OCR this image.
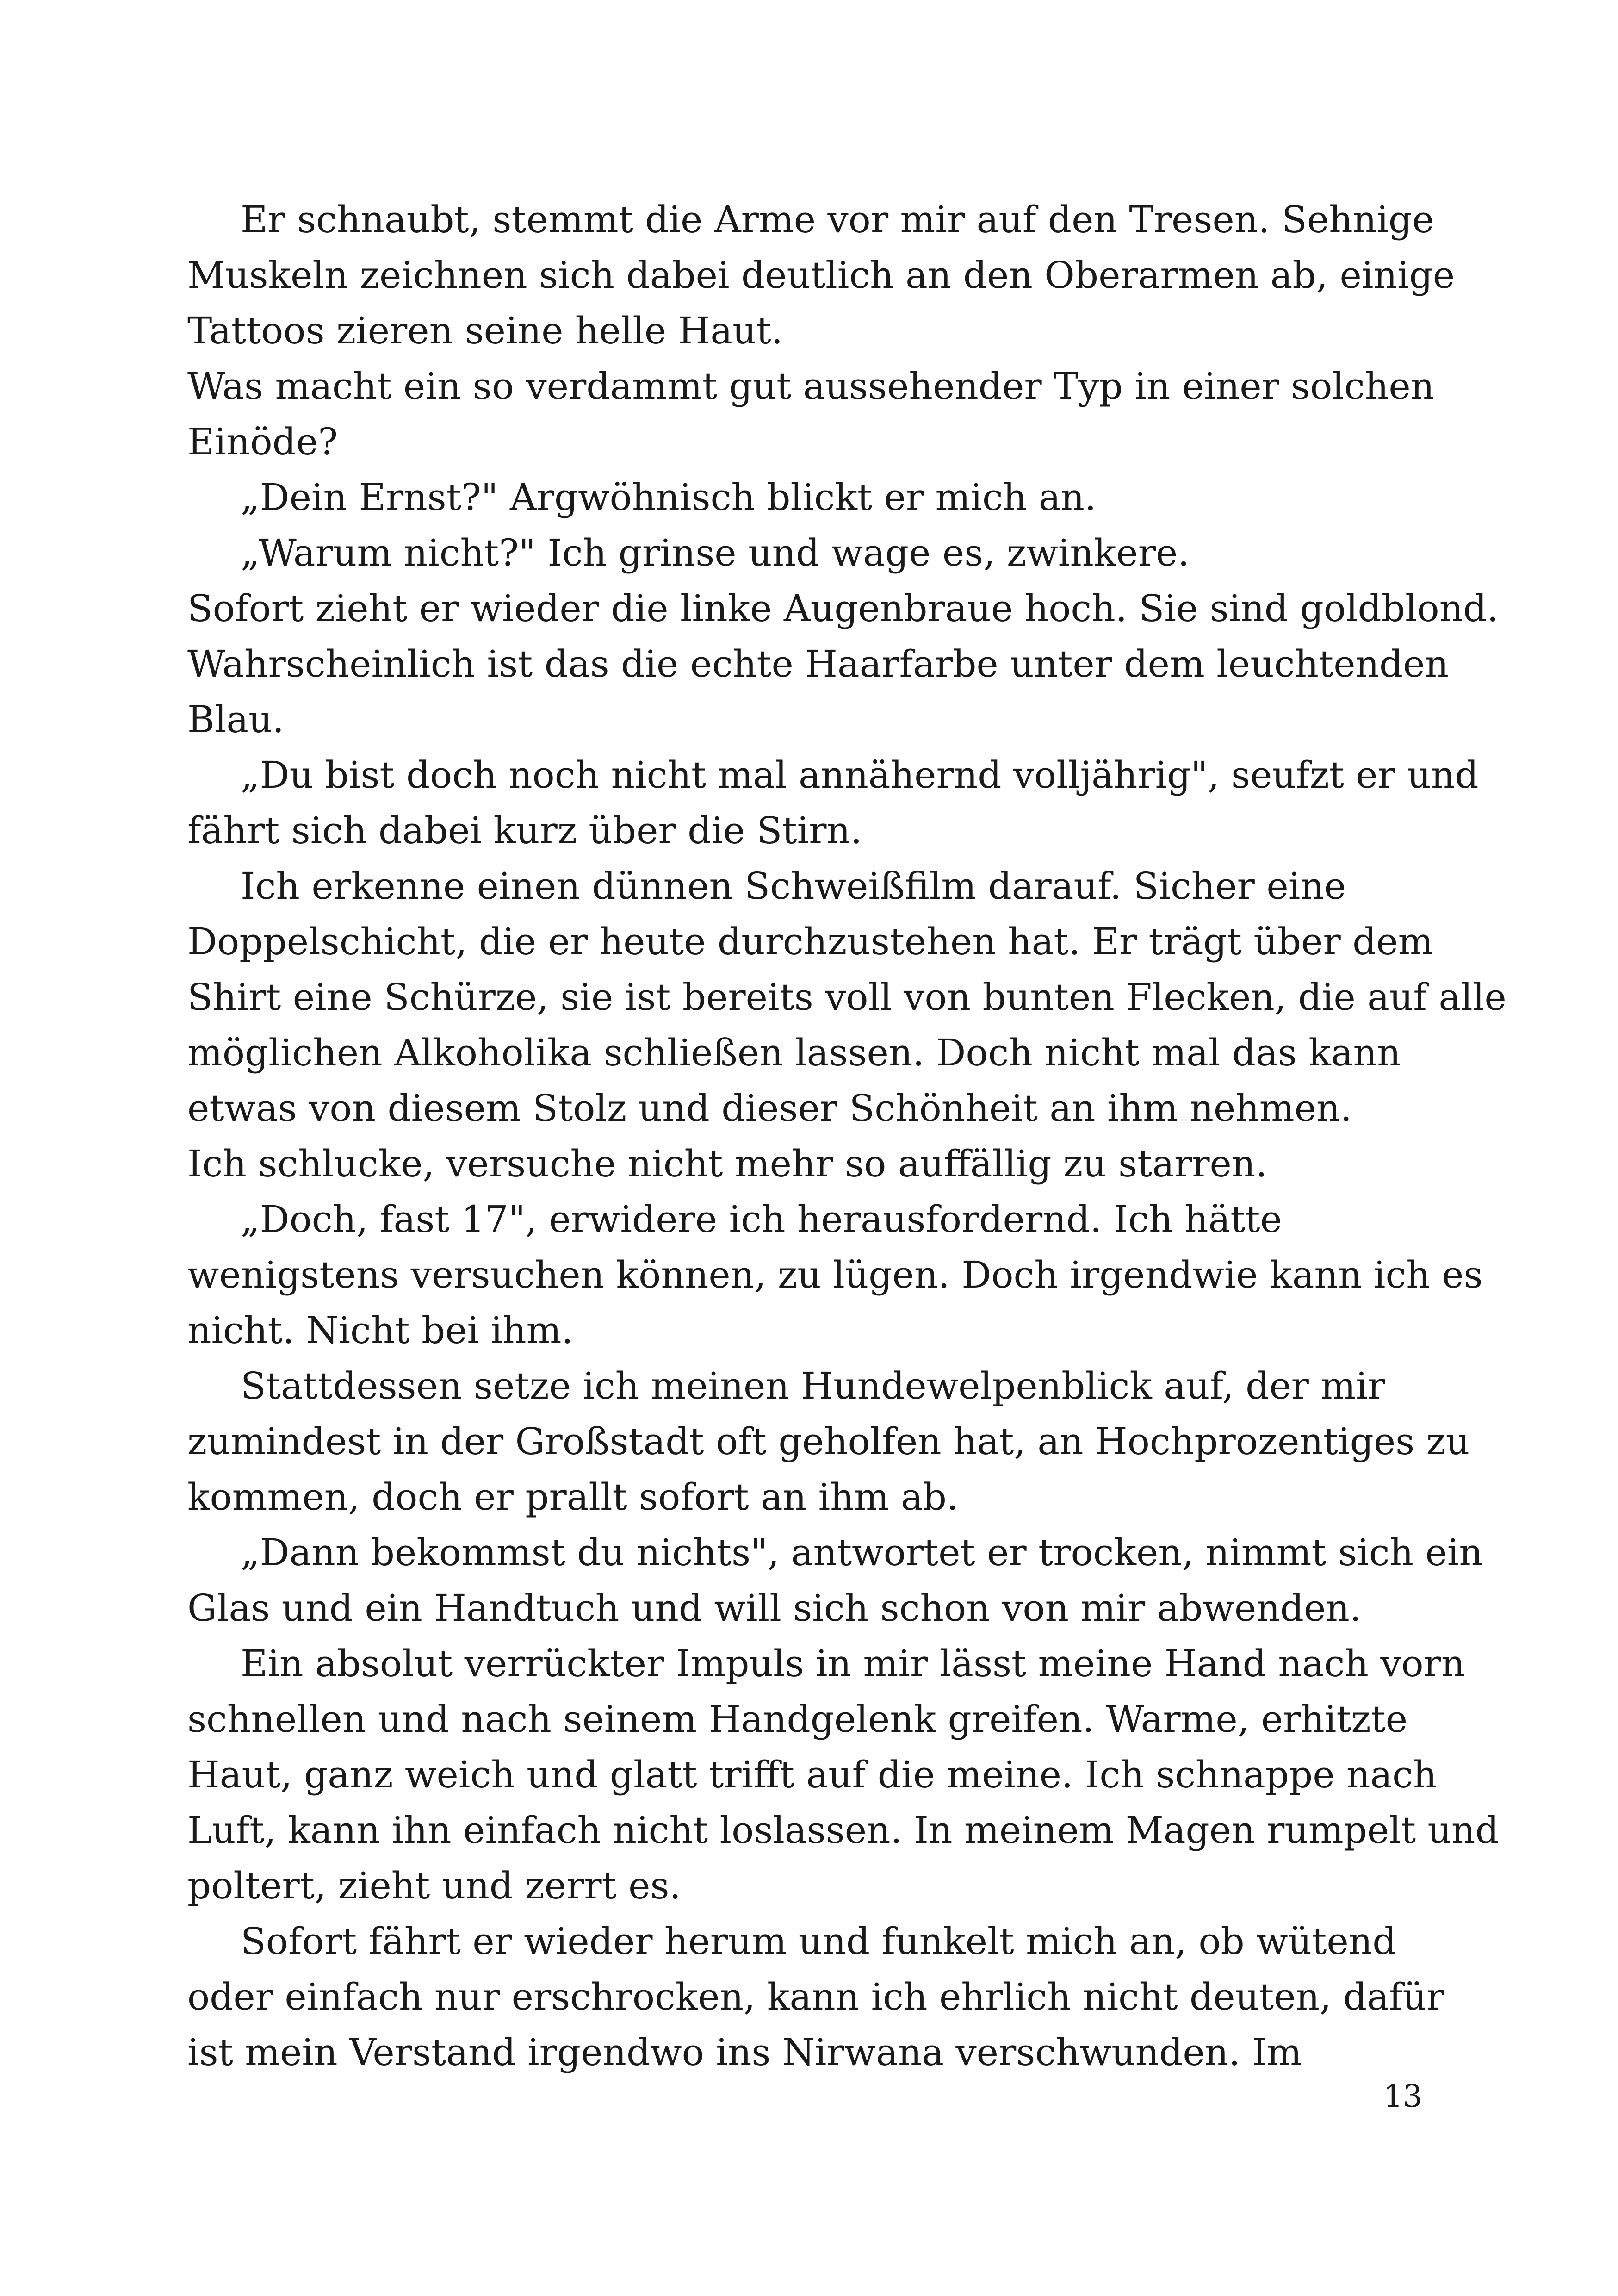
Er schnaubt, stemmt die Arme vor mir auf den Tresen. Sehnige
Muskeln zeichnen sich dabei deutlich an den Oberarmen ab, einige
Tattoos zieren seine helle Haut.
Was macht ein so verdammt gut aussehender Typ in einer solchen
Einöde?
„Dein Ernst?" Argwöhnisch blickt er mich an.
„Warum nicht?" Ich grinse und wage es, zwinkere.
Sofort zieht er wieder die linke Augenbraue hoch. Sie sind goldblond.
Wahrscheinlich ist das die echte Haarfarbe unter dem leuchtenden
Blau.
„Du bist doch noch nicht mal annähernd volljährig", seufzt er und
fährt sich dabei kurz über die Stirn.
Ich erkenne einen dünnen Schweißfilm darauf. Sicher eine
Doppelschicht, die er heute durchzustehen hat. Er trägt über dem
Shirt eine Schürze, sie ist bereits voll von bunten Flecken, die auf alle
möglichen Alkoholika schließen lassen. Doch nicht mal das kann
etwas von diesem Stolz und dieser Schönheit an ihm nehmen.
Ich schlucke, versuche nicht mehr so auffällig zu starren.
„Doch, fast 17", erwidere ich herausfordernd. Ich hätte
wenigstens versuchen können, zu lügen. Doch irgendwie kann ich es
nicht. Nicht bei ihm.
Stattdessen setze ich meinen Hundewelpenblick auf, der mir
zumindest in der Großstadt oft geholfen hat, an Hochprozentiges zu
kommen, doch er prallt sofort an ihm ab.
„Dann bekommst du nichts", antwortet er trocken, nimmt sich ein
Glas und ein Handtuch und will sich schon von mir abwenden.
Ein absolut verrückter Impuls in mir lässt meine Hand nach vorn
schnellen und nach seinem Handgelenk greifen. Warme, erhitzte
Haut, ganz weich und glatt trifft auf die meine. Ich schnappe nach
Luft, kann ihn einfach nicht loslassen. In meinem Magen rumpelt und
poltert, zieht und zerrt es.
Sofort fährt er wieder herum und funkelt mich an, ob wütend
oder einfach nur erschrocken, kann ich ehrlich nicht deuten, dafür
ist mein Verstand irgendwo ins Nirwana verschwunden. Im
13
